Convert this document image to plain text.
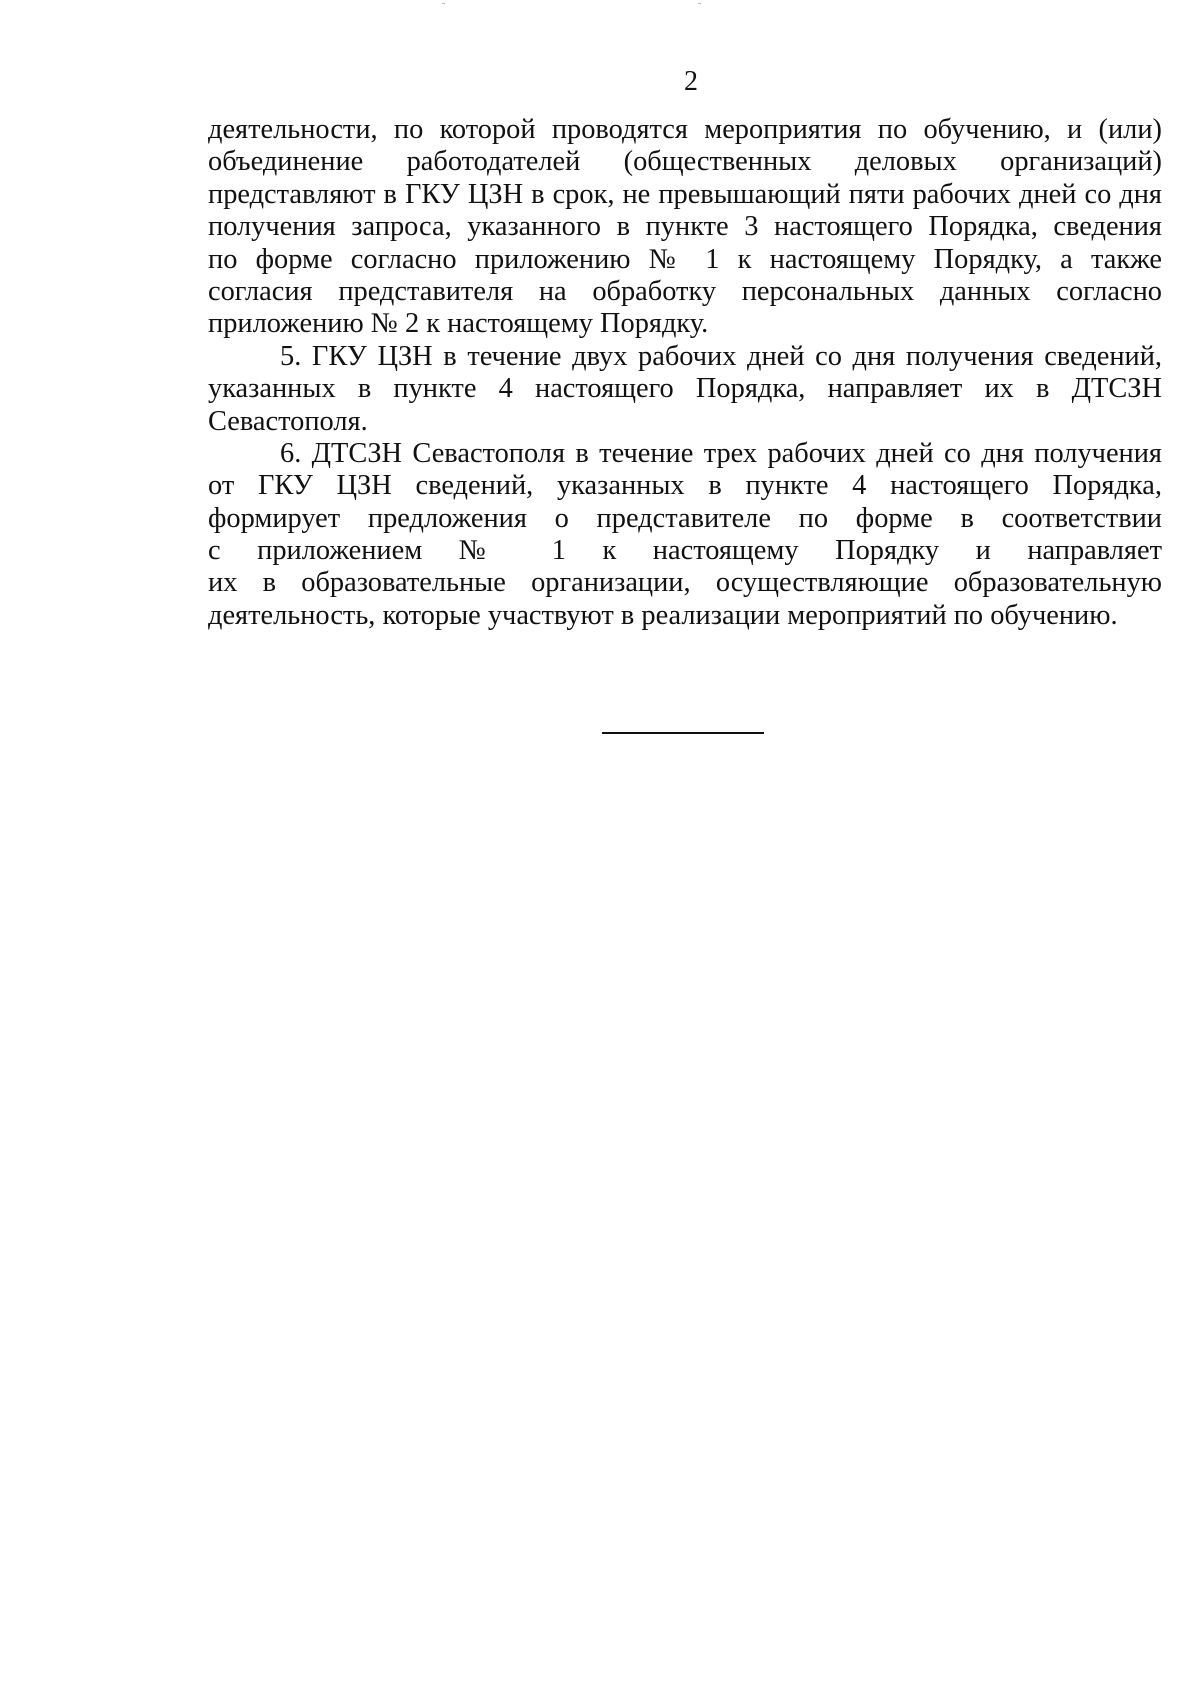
2
деятельности, по которой проводятся мероприятия по обучению, и (или)
объединение работодателей (общественных деловых организаций)
представляют в ГКУ ЦЗН в срок, не превышающий пяти рабочих дней со дня
получения запроса, указанного в пункте 3 настоящего Порядка, сведения
по форме согласно приложению № 1 к настоящему Порядку, а также
согласия представителя на обработку персональных данных согласно
приложению № 2 к настоящему Порядку.
5. ГКУ ЦЗН в течение двух рабочих дней со дня получения сведений,
указанных в пункте 4 настоящего Порядка, направляет их в ДТСЗН
Севастополя.
6. ДТСЗН Севастополя в течение трех рабочих дней со дня получения
от ГКУ ЦЗН сведений, указанных в пункте 4 настоящего Порядка,
формирует предложения о представителе по форме в соответствии
с приложением № 1 к настоящему Порядку и направляет
их в образовательные организации, осуществляющие образовательную
деятельность, которые участвуют в реализации мероприятий по обучению.
